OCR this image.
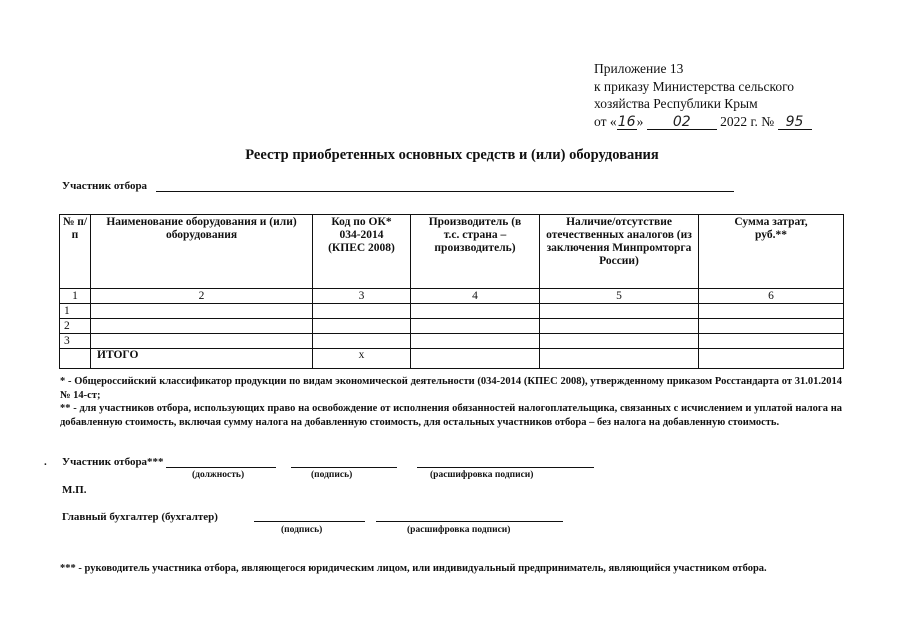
Приложение 13
к приказу Министерства сельского
хозяйства Республики Крым
от «16» 02 2022 г. № 95
Реестр приобретенных основных средств и (или) оборудования
Участник отбора
№ п/п	Наименование оборудования и (или) оборудования	Код по ОК* 034-2014 (КПЕС 2008)	Производитель (в т.с. страна – производитель)	Наличие/отсутствие отечественных аналогов (из заключения Минпромторга России)	Сумма затрат, руб.**
1	2	3	4	5	6
1					
2					
3					
	ИТОГО	х			
* - Общероссийский классификатор продукции по видам экономической деятельности (034-2014 (КПЕС 2008), утвержденному приказом Росстандарта от 31.01.2014 № 14-ст;
** - для участников отбора, использующих право на освобождение от исполнения обязанностей налогоплательщика, связанных с исчислением и уплатой налога на добавленную стоимость, включая сумму налога на добавленную стоимость, для остальных участников отбора – без налога на добавленную стоимость.
. Участник отбора***
(должность)	(подпись)	(расшифровка подписи)
М.П.
Главный бухгалтер (бухгалтер)
(подпись)	(расшифровка подписи)
*** - руководитель участника отбора, являющегося юридическим лицом, или индивидуальный предприниматель, являющийся участником отбора.
